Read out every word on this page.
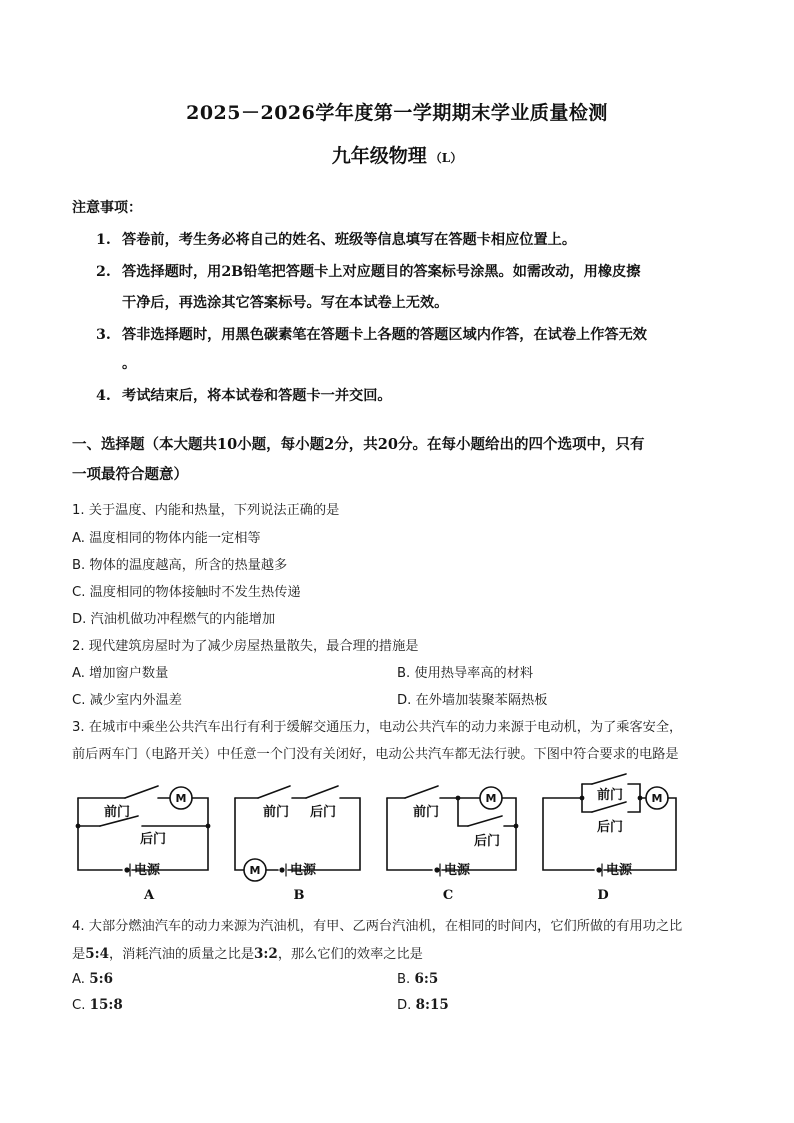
2025－2026学年度第一学期期末学业质量检测
九年级物理 （L）
注意事项：
1. 答卷前，考生务必将自己的姓名、班级等信息填写在答题卡相应位置上。
2. 答选择题时，用2B铅笔把答题卡上对应题目的答案标号涂黑。如需改动，用橡皮擦
干净后，再选涂其它答案标号。写在本试卷上无效。
3. 答非选择题时，用黑色碳素笔在答题卡上各题的答题区域内作答，在试卷上作答无效
。
4. 考试结束后，将本试卷和答题卡一并交回。
一、选择题（本大题共10小题，每小题2分，共20分。在每小题给出的四个选项中，只有
一项最符合题意）
1. 关于温度、内能和热量，下列说法正确的是
A. 温度相同的物体内能一定相等
B. 物体的温度越高，所含的热量越多
C. 温度相同的物体接触时不发生热传递
D. 汽油机做功冲程燃气的内能增加
2. 现代建筑房屋时为了减少房屋热量散失，最合理的措施是
A. 增加窗户数量	B. 使用热导率高的材料
C. 减少室内外温差	D. 在外墙加装聚苯隔热板
3. 在城市中乘坐公共汽车出行有利于缓解交通压力，电动公共汽车的动力来源于电动机，为了乘客安全，
前后两车门（电路开关）中任意一个门没有关闭好，电动公共汽车都无法行驶。下图中符合要求的电路是
M
前门
后门
电源
A
M
前门 后门
电源
B
M
前门
后门
电源
C
M
前门
后门
电源
D
4. 大部分燃油汽车的动力来源为汽油机，有甲、乙两台汽油机，在相同的时间内，它们所做的有用功之比
是5:4，消耗汽油的质量之比是3:2，那么它们的效率之比是
A. 5:6	B. 6:5
C. 15:8	D. 8:15
